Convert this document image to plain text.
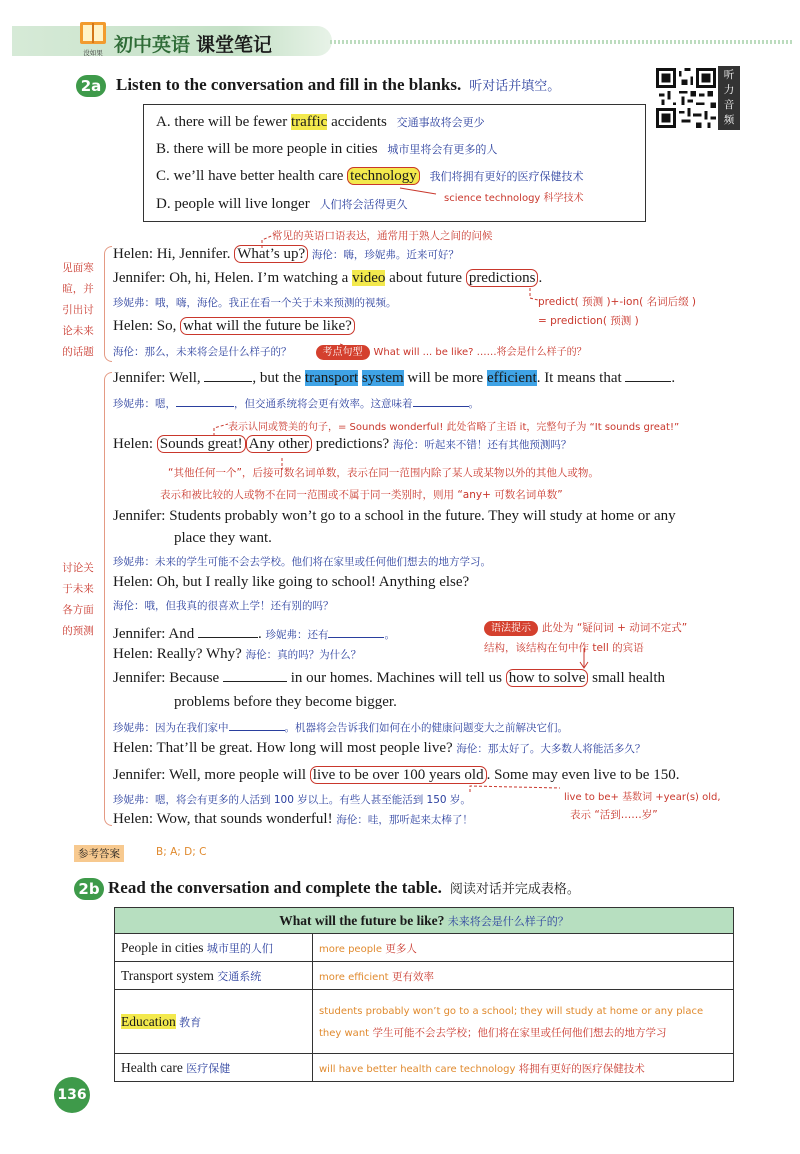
没如果 初中英语 课堂笔记
2a Listen to the conversation and fill in the blanks. 听对话并填空。
听
力
音
频
A. there will be fewer traffic accidents 交通事故将会更少
B. there will be more people in cities 城市里将会有更多的人
C. we’ll have better health care technology 我们将拥有更好的医疗保健技术
science technology 科学技术
D. people will live longer 人们将会活得更久
见面寒
暄，并
引出讨
论未来
的话题
讨论关
于未来
各方面
的预测
常见的英语口语表达，通常用于熟人之间的问候
Helen: Hi, Jennifer. What’s up? 海伦：嗨，珍妮弗。近来可好？
Jennifer: Oh, hi, Helen. I’m watching a video about future predictions .
珍妮弗：哦，嗨，海伦。我正在看一个关于未来预测的视频。	predict( 预测 )+-ion( 名词后缀 )
= prediction( 预测 )
Helen: So, what will the future be like?
海伦：那么，未来将会是什么样子的？	考点句型 What will ... be like? ……将会是什么样子的？
Jennifer: Well,	, but the transport system will be more efficient. It means that	.
珍妮弗：嗯，	，但交通系统将会更有效率。这意味着	。
表示认同或赞美的句子，= Sounds wonderful! 此处省略了主语 it，完整句子为 “It sounds great!”
Helen: Sounds great! Any other predictions? 海伦：听起来不错！还有其他预测吗？
“其他任何一个”，后接可数名词单数，表示在同一范围内除了某人或某物以外的其他人或物。
表示和被比较的人或物不在同一范围或不属于同一类别时，则用 “any+ 可数名词单数”
Jennifer: Students probably won’t go to a school in the future. They will study at home or any
place they want.
珍妮弗：未来的学生可能不会去学校。他们将在家里或任何他们想去的地方学习。
Helen: Oh, but I really like going to school! Anything else?
海伦：哦，但我真的很喜欢上学！还有别的吗？
语法提示 此处为 “疑问词 + 动词不定式”
结构，该结构在句中作 tell 的宾语
Jennifer: And	. 珍妮弗：还有	。
Helen: Really? Why? 海伦：真的吗？为什么？
Jennifer: Because	in our homes. Machines will tell us how to solve small health
problems before they become bigger.
珍妮弗：因为在我们家中	。机器将会告诉我们如何在小的健康问题变大之前解决它们。
Helen: That’ll be great. How long will most people live? 海伦：那太好了。大多数人将能活多久？
Jennifer: Well, more people will live to be over 100 years old . Some may even live to be 150.
珍妮弗：嗯，将会有更多的人活到 100 岁以上。有些人甚至能活到 150 岁。	live to be+ 基数词 +year(s) old,
表示 “活到……岁”
Helen: Wow, that sounds wonderful! 海伦：哇，那听起来太棒了！
参考答案	B; A; D; C
2b Read the conversation and complete the table. 阅读对话并完成表格。
What will the future be like? 未来将会是什么样子的？	
People in cities 城市里的人们	more people 更多人
Transport system 交通系统	more efficient 更有效率
Education 教育	students probably won’t go to a school; they will study at home or any place they want 学生可能不会去学校；他们将在家里或任何他们想去的地方学习
Health care 医疗保健	will have better health care technology 将拥有更好的医疗保健技术
136
